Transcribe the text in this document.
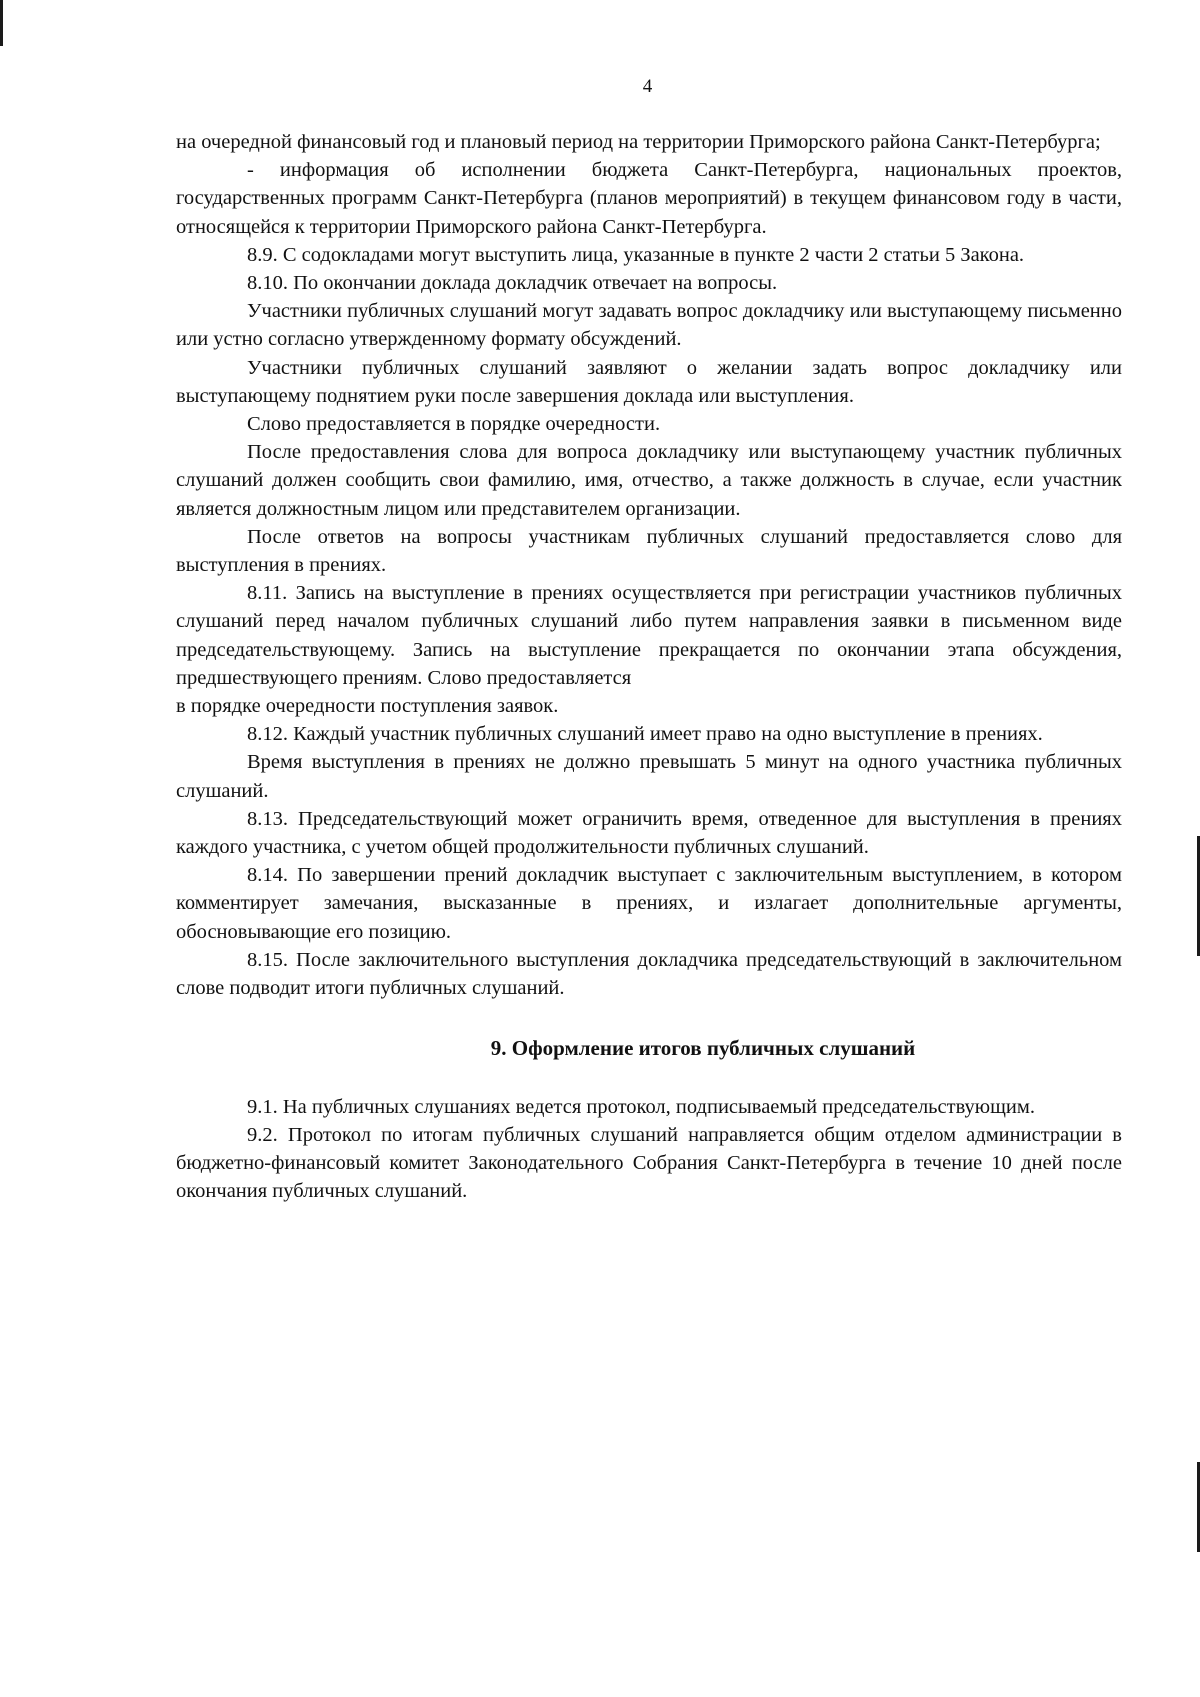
4

на очередной финансовый год и плановый период на территории Приморского района Санкт-Петербурга;

- информация об исполнении бюджета Санкт-Петербурга, национальных проектов, государственных программ Санкт-Петербурга (планов мероприятий) в текущем финансовом году в части, относящейся к территории Приморского района Санкт-Петербурга.

8.9. С содокладами могут выступить лица, указанные в пункте 2 части 2 статьи 5 Закона.

8.10. По окончании доклада докладчик отвечает на вопросы.

Участники публичных слушаний могут задавать вопрос докладчику или выступающему письменно или устно согласно утвержденному формату обсуждений.

Участники публичных слушаний заявляют о желании задать вопрос докладчику или выступающему поднятием руки после завершения доклада или выступления.

Слово предоставляется в порядке очередности.

После предоставления слова для вопроса докладчику или выступающему участник публичных слушаний должен сообщить свои фамилию, имя, отчество, а также должность в случае, если участник является должностным лицом или представителем организации.

После ответов на вопросы участникам публичных слушаний предоставляется слово для выступления в прениях.

8.11. Запись на выступление в прениях осуществляется при регистрации участников публичных слушаний перед началом публичных слушаний либо путем направления заявки в письменном виде председательствующему. Запись на выступление прекращается по окончании этапа обсуждения, предшествующего прениям. Слово предоставляется

в порядке очередности поступления заявок.

8.12. Каждый участник публичных слушаний имеет право на одно выступление в прениях.

Время выступления в прениях не должно превышать 5 минут на одного участника публичных слушаний.

8.13. Председательствующий может ограничить время, отведенное для выступления в прениях каждого участника, с учетом общей продолжительности публичных слушаний.

8.14. По завершении прений докладчик выступает с заключительным выступлением, в котором комментирует замечания, высказанные в прениях, и излагает дополнительные аргументы, обосновывающие его позицию.

8.15. После заключительного выступления докладчика председательствующий в заключительном слове подводит итоги публичных слушаний.

9. Оформление итогов публичных слушаний

9.1. На публичных слушаниях ведется протокол, подписываемый председательствующим.

9.2. Протокол по итогам публичных слушаний направляется общим отделом администрации в бюджетно-финансовый комитет Законодательного Собрания Санкт-Петербурга в течение 10 дней после окончания публичных слушаний.
